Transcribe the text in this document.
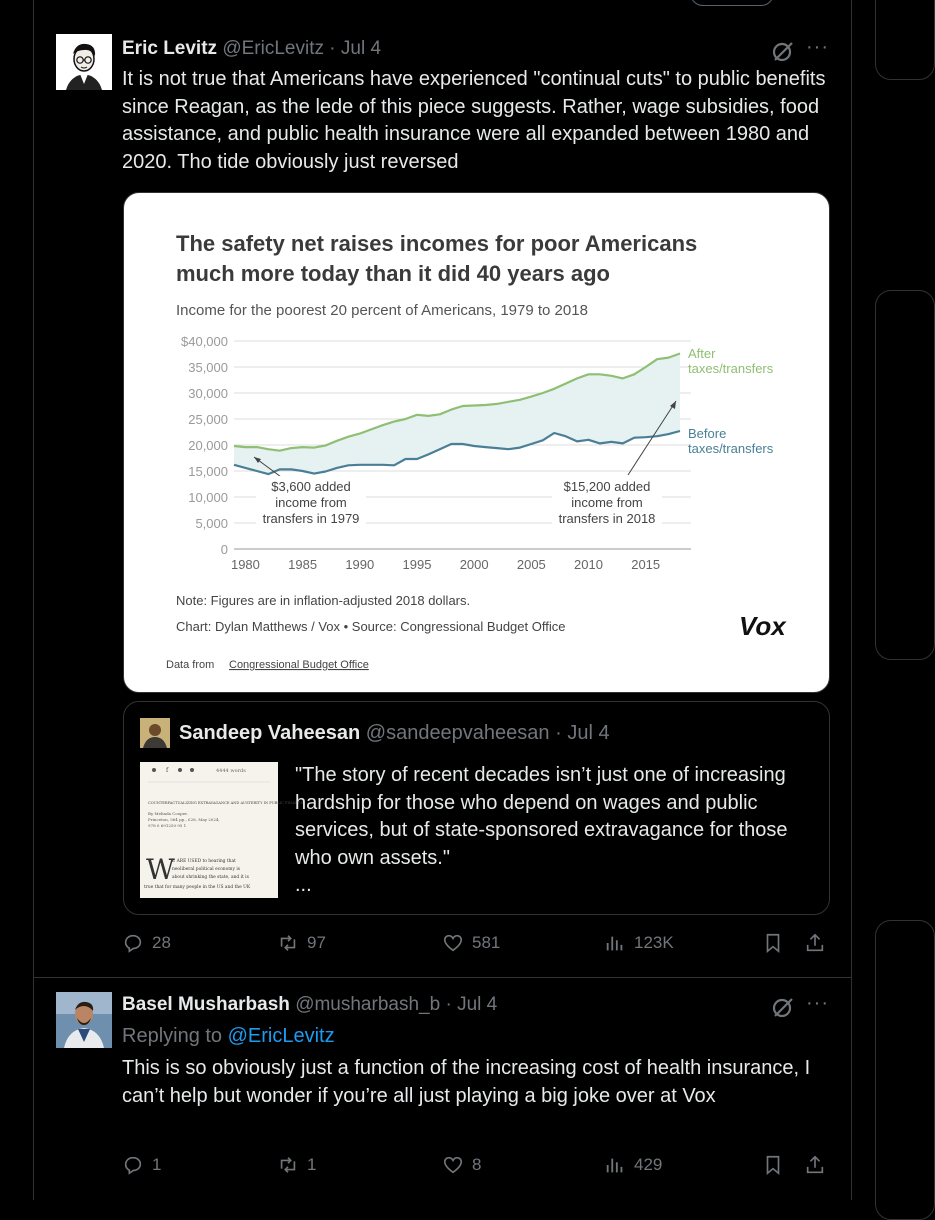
Eric Levitz @EricLevitz · Jul 4	···
It is not true that Americans have experienced "continual cuts" to public benefits since Reagan, as the lede of this piece suggests. Rather, wage subsidies, food assistance, and public health insurance were all expanded between 1980 and 2020. Tho tide obviously just reversed
The safety net raises incomes for poor Americans
much more today than it did 40 years ago
Income for the poorest 20 percent of Americans, 1979 to 2018
0
5,000
10,000
15,000
20,000
25,000
30,000
35,000
$40,000
1980 1985 1990 1995 2000 2005 2010 2015
After
taxes/transfers
Before
taxes/transfers
$3,600 added
income from
transfers in 1979
$15,200 added
income from
transfers in 2018
Note: Figures are in inflation-adjusted 2018 dollars.
Chart: Dylan Matthews / Vox • Source: Congressional Budget Office	Vox
Data from Congressional Budget Office
Sandeep Vaheesan @sandeepvaheesan · Jul 4
f	4444 words
COUNTERFACTUALIZING EXTRAVAGANCE AND AUSTERITY IN PUBLIC FINANCE
By Melinda Cooper.
Princeton, 564 pp., £28, May 2024,
978 0 691250 95 1
W
E ARE USED to hearing that
neoliberal political economy is
about shrinking the state, and it is
true that for many people in the US and the UK
"The story of recent decades isn’t just one of increasing hardship for those who depend on wages and public services, but of state-sponsored extravagance for those who own assets."
...
28	97	581	123K
Basel Musharbash @musharbash_b · Jul 4	···
Replying to @EricLevitz
This is so obviously just a function of the increasing cost of health insurance, I can’t help but wonder if you’re all just playing a big joke over at Vox
1	1	8	429
